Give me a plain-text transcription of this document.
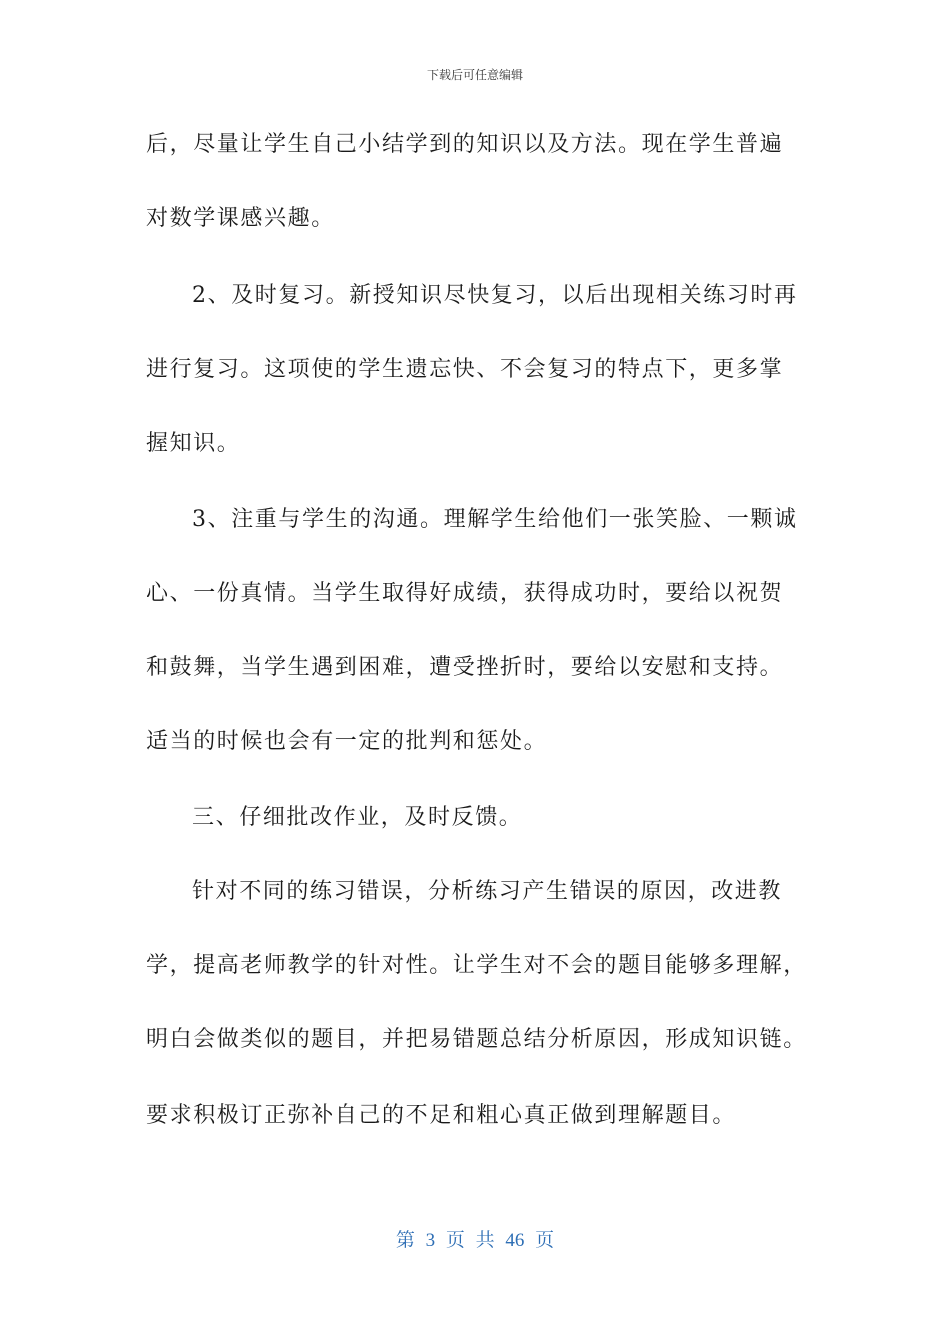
下载后可任意编辑
后，尽量让学生自己小结学到的知识以及方法。现在学生普遍
对数学课感兴趣。
2、及时复习。新授知识尽快复习，以后出现相关练习时再
进行复习。这项使的学生遗忘快、不会复习的特点下，更多掌
握知识。
3、注重与学生的沟通。理解学生给他们一张笑脸、一颗诚
心、一份真情。当学生取得好成绩，获得成功时，要给以祝贺
和鼓舞，当学生遇到困难，遭受挫折时，要给以安慰和支持。
适当的时候也会有一定的批判和惩处。
三、仔细批改作业，及时反馈。
针对不同的练习错误，分析练习产生错误的原因，改进教
学，提高老师教学的针对性。让学生对不会的题目能够多理解，
明白会做类似的题目，并把易错题总结分析原因，形成知识链。
要求积极订正弥补自己的不足和粗心真正做到理解题目。
第 3 页 共 46 页
